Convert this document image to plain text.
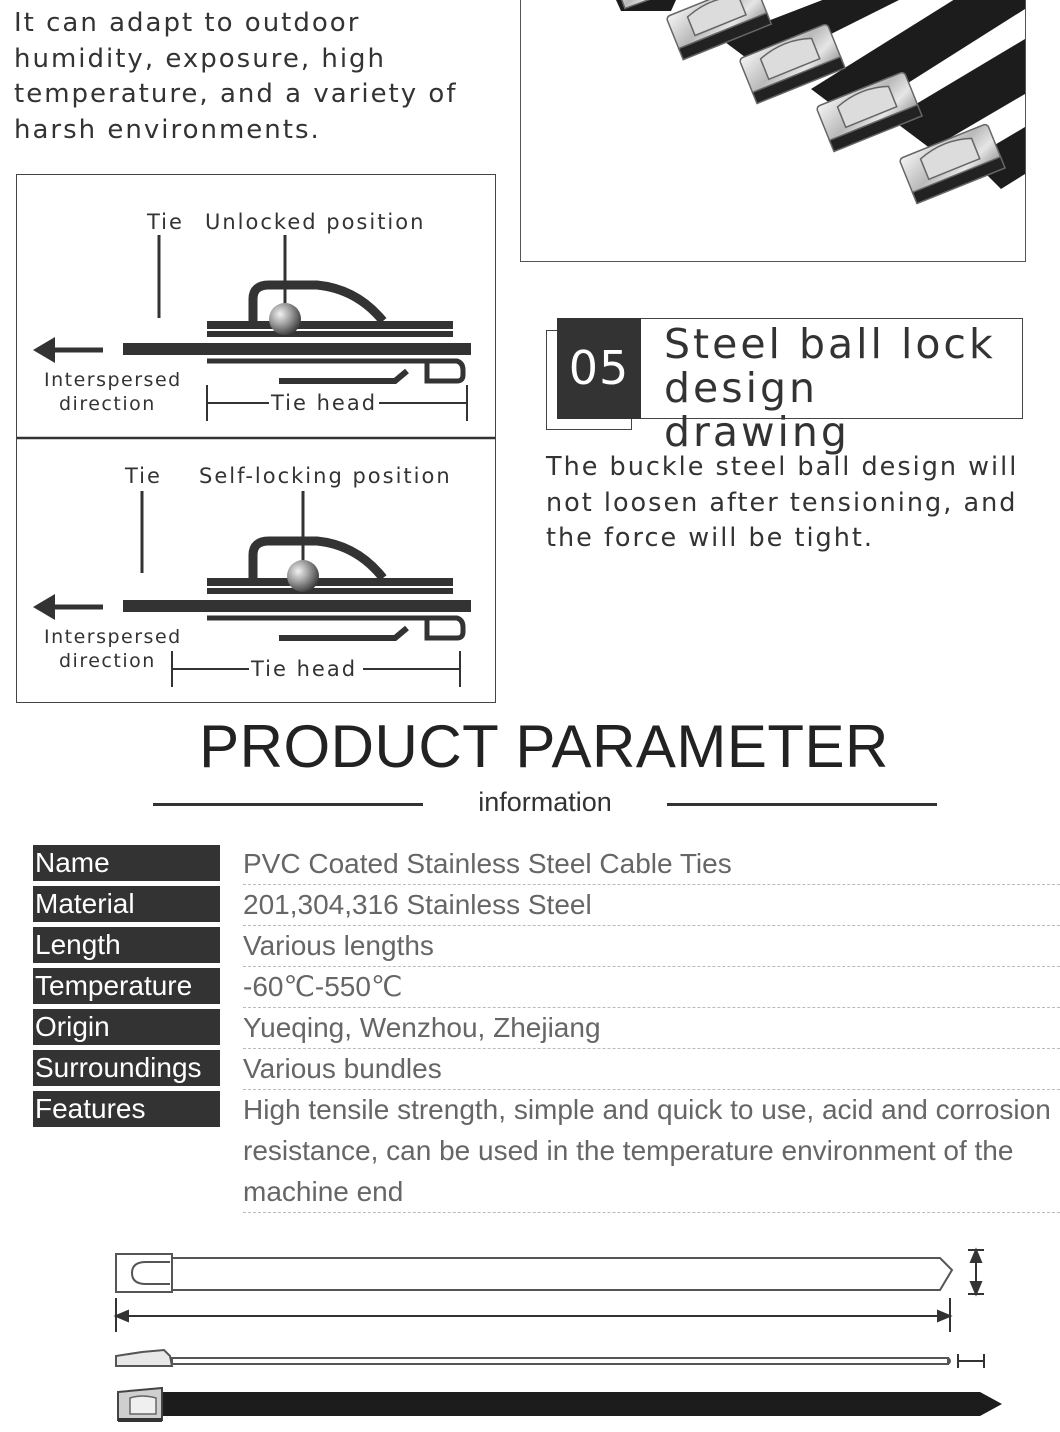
It can adapt to outdoor humidity, exposure, high temperature, and a variety of harsh environments.
Tie Unlocked position
Interspersed
direction	Tie head
Tie Self-locking position
Interspersed
direction	Tie head
05 Steel ball lock
design drawing
The buckle steel ball design will not loosen after tensioning, and the force will be tight.
PRODUCT PARAMETER
information
Name	PVC Coated Stainless Steel Cable Ties
Material	201,304,316 Stainless Steel
Length	Various lengths
Temperature	-60℃-550℃
Origin	Yueqing, Wenzhou, Zhejiang
Surroundings	Various bundles
Features	High tensile strength, simple and quick to use, acid and corrosion resistance, can be used in the temperature environment of the machine end
